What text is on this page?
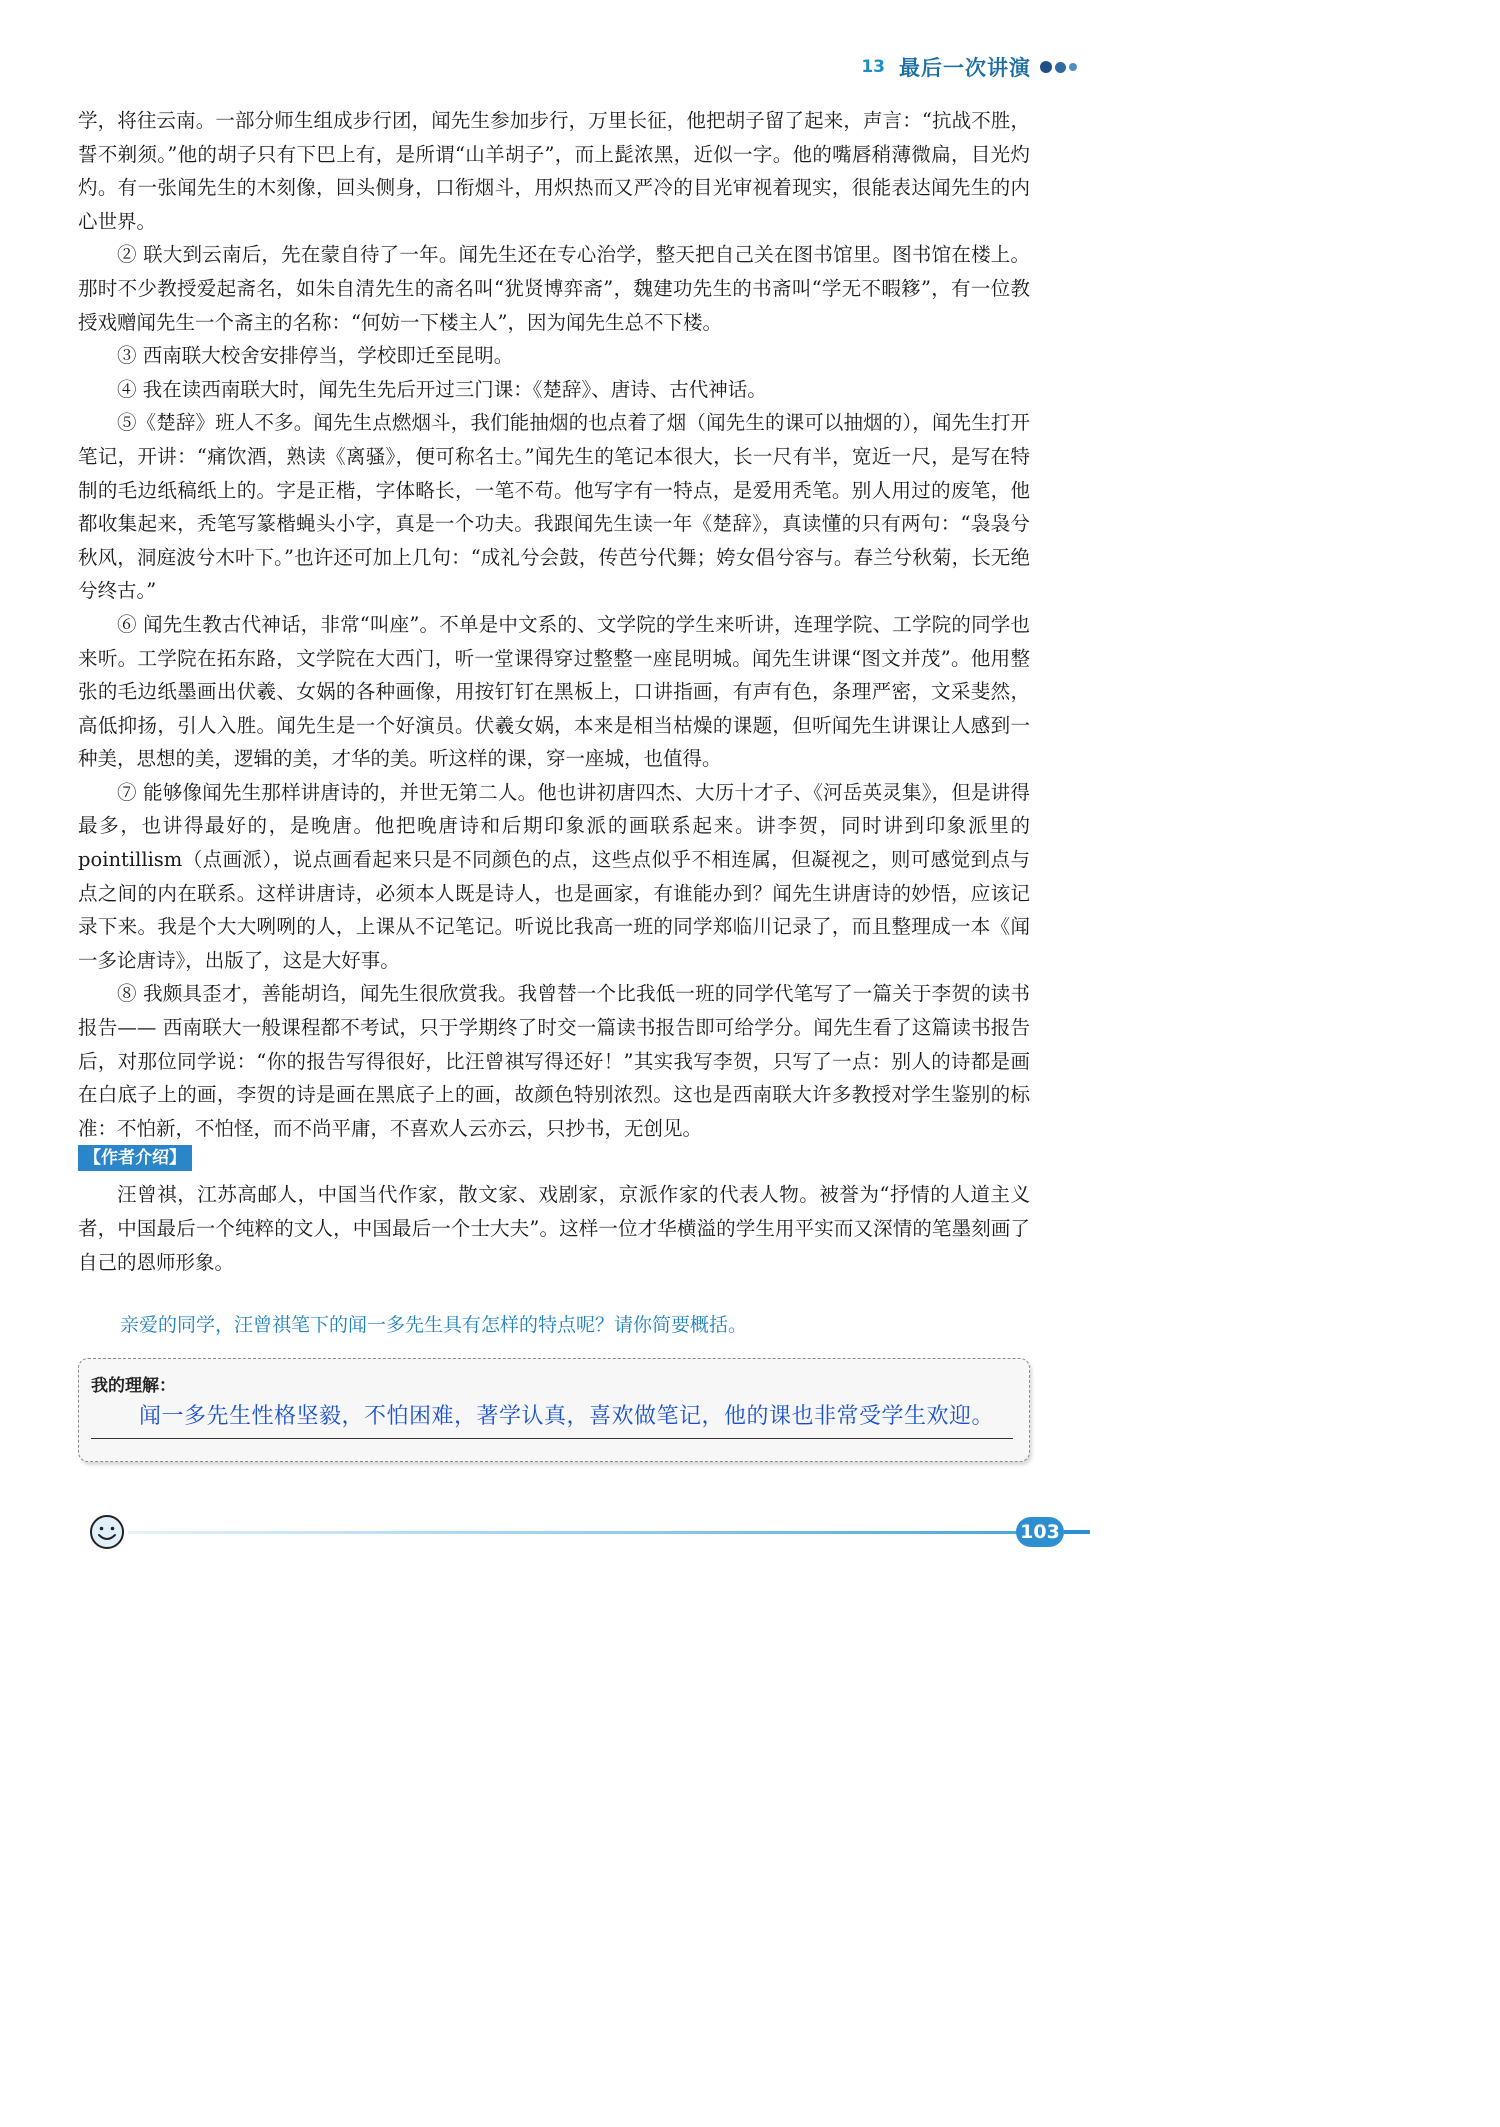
13 最后一次讲演

学，将往云南。一部分师生组成步行团，闻先生参加步行，万里长征，他把胡子留了起来，声言：“抗战不胜，誓不剃须。”他的胡子只有下巴上有，是所谓“山羊胡子”，而上髭浓黑，近似一字。他的嘴唇稍薄微扁，目光灼灼。有一张闻先生的木刻像，回头侧身，口衔烟斗，用炽热而又严冷的目光审视着现实，很能表达闻先生的内心世界。

② 联大到云南后，先在蒙自待了一年。闻先生还在专心治学，整天把自己关在图书馆里。图书馆在楼上。那时不少教授爱起斋名，如朱自清先生的斋名叫“犹贤博弈斋”，魏建功先生的书斋叫“学无不暇簃”，有一位教授戏赠闻先生一个斋主的名称：“何妨一下楼主人”，因为闻先生总不下楼。

③ 西南联大校舍安排停当，学校即迁至昆明。

④ 我在读西南联大时，闻先生先后开过三门课：《楚辞》、唐诗、古代神话。

⑤《楚辞》班人不多。闻先生点燃烟斗，我们能抽烟的也点着了烟（闻先生的课可以抽烟的），闻先生打开笔记，开讲：“痛饮酒，熟读《离骚》，便可称名士。”闻先生的笔记本很大，长一尺有半，宽近一尺，是写在特制的毛边纸稿纸上的。字是正楷，字体略长，一笔不苟。他写字有一特点，是爱用秃笔。别人用过的废笔，他都收集起来，秃笔写篆楷蝇头小字，真是一个功夫。我跟闻先生读一年《楚辞》，真读懂的只有两句：“袅袅兮秋风，洞庭波兮木叶下。”也许还可加上几句：“成礼兮会鼓，传芭兮代舞；姱女倡兮容与。春兰兮秋菊，长无绝兮终古。”

⑥ 闻先生教古代神话，非常“叫座”。不单是中文系的、文学院的学生来听讲，连理学院、工学院的同学也来听。工学院在拓东路，文学院在大西门，听一堂课得穿过整整一座昆明城。闻先生讲课“图文并茂”。他用整张的毛边纸墨画出伏羲、女娲的各种画像，用按钉钉在黑板上，口讲指画，有声有色，条理严密，文采斐然，高低抑扬，引人入胜。闻先生是一个好演员。伏羲女娲，本来是相当枯燥的课题，但听闻先生讲课让人感到一种美，思想的美，逻辑的美，才华的美。听这样的课，穿一座城，也值得。

⑦ 能够像闻先生那样讲唐诗的，并世无第二人。他也讲初唐四杰、大历十才子、《河岳英灵集》，但是讲得最多，也讲得最好的，是晚唐。他把晚唐诗和后期印象派的画联系起来。讲李贺，同时讲到印象派里的pointillism（点画派），说点画看起来只是不同颜色的点，这些点似乎不相连属，但凝视之，则可感觉到点与点之间的内在联系。这样讲唐诗，必须本人既是诗人，也是画家，有谁能办到？闻先生讲唐诗的妙悟，应该记录下来。我是个大大咧咧的人，上课从不记笔记。听说比我高一班的同学郑临川记录了，而且整理成一本《闻一多论唐诗》，出版了，这是大好事。

⑧ 我颇具歪才，善能胡诌，闻先生很欣赏我。我曾替一个比我低一班的同学代笔写了一篇关于李贺的读书报告—— 西南联大一般课程都不考试，只于学期终了时交一篇读书报告即可给学分。闻先生看了这篇读书报告后，对那位同学说：“你的报告写得很好，比汪曾祺写得还好！”其实我写李贺，只写了一点：别人的诗都是画在白底子上的画，李贺的诗是画在黑底子上的画，故颜色特别浓烈。这也是西南联大许多教授对学生鉴别的标准：不怕新，不怕怪，而不尚平庸，不喜欢人云亦云，只抄书，无创见。

【作者介绍】

汪曾祺，江苏高邮人，中国当代作家，散文家、戏剧家，京派作家的代表人物。被誉为“抒情的人道主义者，中国最后一个纯粹的文人，中国最后一个士大夫”。这样一位才华横溢的学生用平实而又深情的笔墨刻画了自己的恩师形象。

亲爱的同学，汪曾祺笔下的闻一多先生具有怎样的特点呢？请你简要概括。
我的理解：
闻一多先生性格坚毅，不怕困难，著学认真，喜欢做笔记，他的课也非常受学生欢迎。
103
